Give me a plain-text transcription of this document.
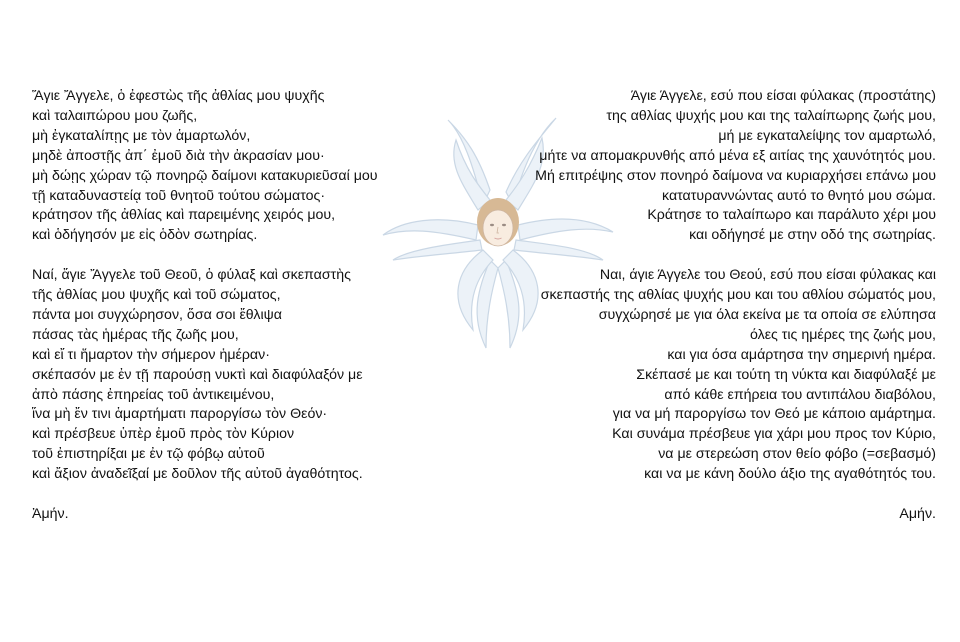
Ἅγιε Ἄγγελε, ὁ ἐφεστὼς τῆς ἀθλίας μου ψυχῆς
καὶ ταλαιπώρου μου ζωῆς,
μὴ ἐγκαταλίπῃς με τὸν ἁμαρτωλόν,
μηδὲ ἀποστῇς ἀπ΄ ἐμοῦ διὰ τὴν ἀκρασίαν μου·
μὴ δώῃς χώραν τῷ πονηρῷ δαίμονι κατακυριεῦσαί μου
τῇ καταδυναστείᾳ τοῦ θνητοῦ τούτου σώματος·
κράτησον τῆς ἀθλίας καὶ παρειμένης χειρός μου,
καὶ ὁδήγησόν με εἰς ὁδὸν σωτηρίας.

Ναί, ἅγιε Ἄγγελε τοῦ Θεοῦ, ὁ φύλαξ καὶ σκεπαστὴς
τῆς ἀθλίας μου ψυχῆς καὶ τοῦ σώματος,
πάντα μοι συγχώρησον, ὅσα σοι ἔθλιψα
πάσας τὰς ἡμέρας τῆς ζωῆς μου,
καὶ εἴ τι ἥμαρτον τὴν σήμερον ἡμέραν·
σκέπασόν με ἐν τῇ παρούσῃ νυκτὶ καὶ διαφύλαξόν με
ἀπὸ πάσης ἐπηρείας τοῦ ἀντικειμένου,
ἵνα μὴ ἔν τινι ἁμαρτήματι παροργίσω τὸν Θεόν·
καὶ πρέσβευε ὑπὲρ ἐμοῦ πρὸς τὸν Κύριον
τοῦ ἐπιστηρίξαι με ἐν τῷ φόβῳ αὐτοῦ
καὶ ἄξιον ἀναδεῖξαί με δοῦλον τῆς αὐτοῦ ἀγαθότητος.

Ἀμήν.

Άγιε Άγγελε, εσύ που είσαι φύλακας (προστάτης)
της αθλίας ψυχής μου και της ταλαίπωρης ζωής μου,
μή με εγκαταλείψης τον αμαρτωλό,
μήτε να απομακρυνθής από μένα εξ αιτίας της χαυνότητός μου.
Μή επιτρέψης στον πονηρό δαίμονα να κυριαρχήσει επάνω μου
κατατυραννώντας αυτό το θνητό μου σώμα.
Κράτησε το ταλαίπωρο και παράλυτο χέρι μου
και οδήγησέ με στην οδό της σωτηρίας.

Ναι, άγιε Άγγελε του Θεού, εσύ που είσαι φύλακας και
σκεπαστής της αθλίας ψυχής μου και του αθλίου σώματός μου,
συγχώρησέ με για όλα εκείνα με τα οποία σε ελύπησα
όλες τις ημέρες της ζωής μου,
και για όσα αμάρτησα την σημερινή ημέρα.
Σκέπασέ με και τούτη τη νύκτα και διαφύλαξέ με
από κάθε επήρεια του αντιπάλου διαβόλου,
για να μή παροργίσω τον Θεό με κάποιο αμάρτημα.
Και συνάμα πρέσβευε για χάρι μου προς τον Κύριο,
να με στερεώση στον θείο φόβο (=σεβασμό)
και να με κάνη δούλο άξιο της αγαθότητός του.

Αμήν.
